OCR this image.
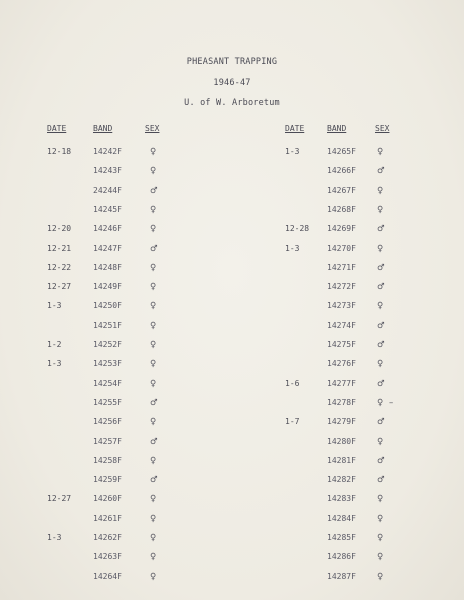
PHEASANT TRAPPING
1946-47
U. of W. Arboretum
DATE	BAND	SEX	DATE	BAND	SEX
12-18	14242F	♀
14243F	♀
24244F	♂
14245F	♀
12-20	14246F	♀
12-21	14247F	♂
12-22	14248F	♀
12-27	14249F	♀
1-3	14250F	♀
14251F	♀
1-2	14252F	♀
1-3	14253F	♀
14254F	♀
14255F	♂
14256F	♀
14257F	♂
14258F	♀
14259F	♂
12-27	14260F	♀
14261F	♀
1-3	14262F	♀
14263F	♀
14264F	♀
1-3	14265F ♀
14266F ♂
14267F ♀
14268F ♀
12-28 14269F ♂
1-3	14270F ♀
14271F ♂
14272F ♂
14273F ♀
14274F ♂
14275F ♂
14276F ♀
1-6	14277F ♂
14278F ♀ –
1-7	14279F ♂
14280F ♀
14281F ♂
14282F ♂
14283F ♀
14284F ♀
14285F ♀
14286F ♀
14287F ♀
